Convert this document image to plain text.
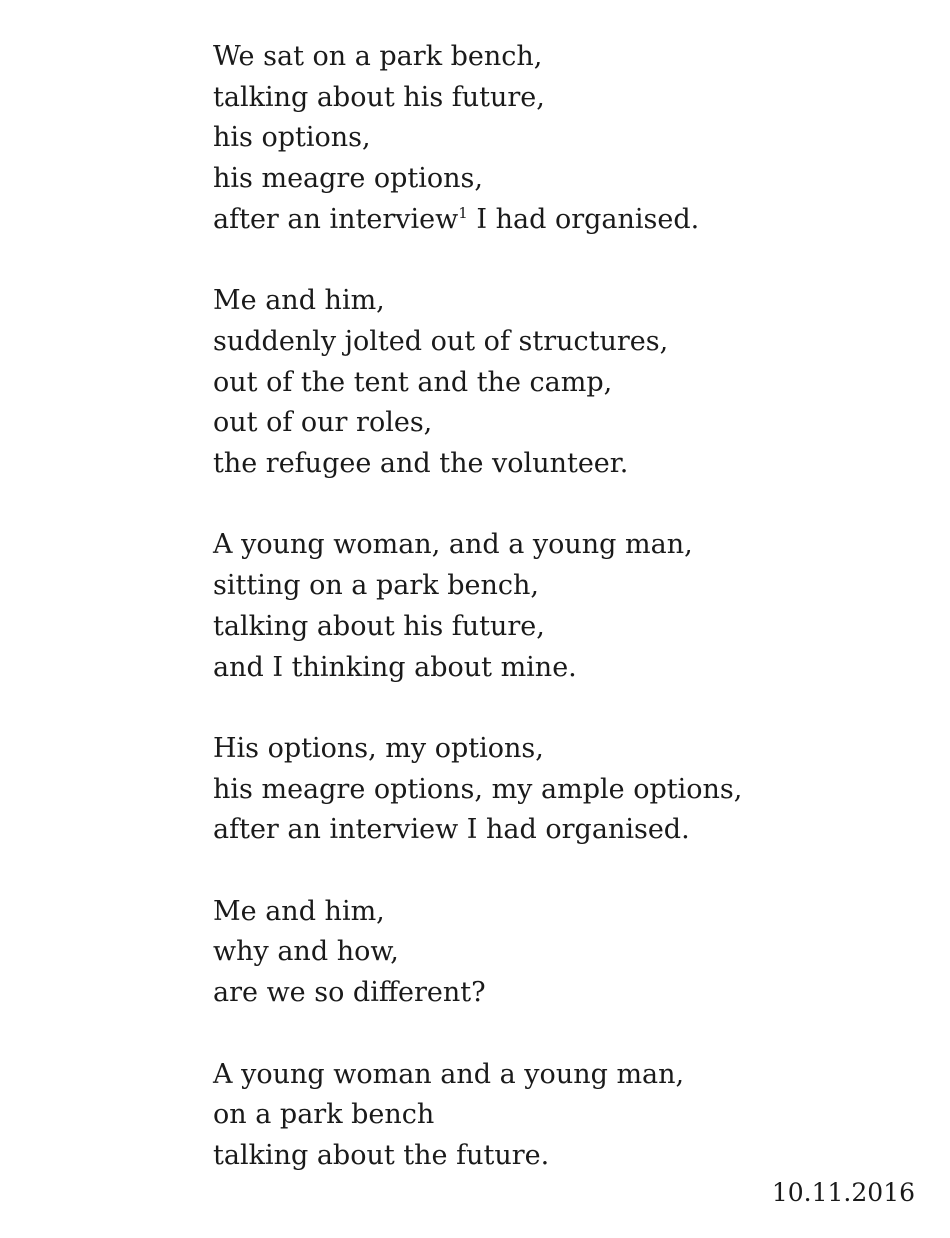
We sat on a park bench,
talking about his future,
his options,
his meagre options,
after an interview$^1$ I had organised.
Me and him,
suddenly jolted out of structures,
out of the tent and the camp,
out of our roles,
the refugee and the volunteer.
A young woman, and a young man,
sitting on a park bench,
talking about his future,
and I thinking about mine.
His options, my options,
his meagre options, my ample options,
after an interview I had organised.
Me and him,
why and how,
are we so different?
A young woman and a young man,
on a park bench
talking about the future.
10.11.2016
